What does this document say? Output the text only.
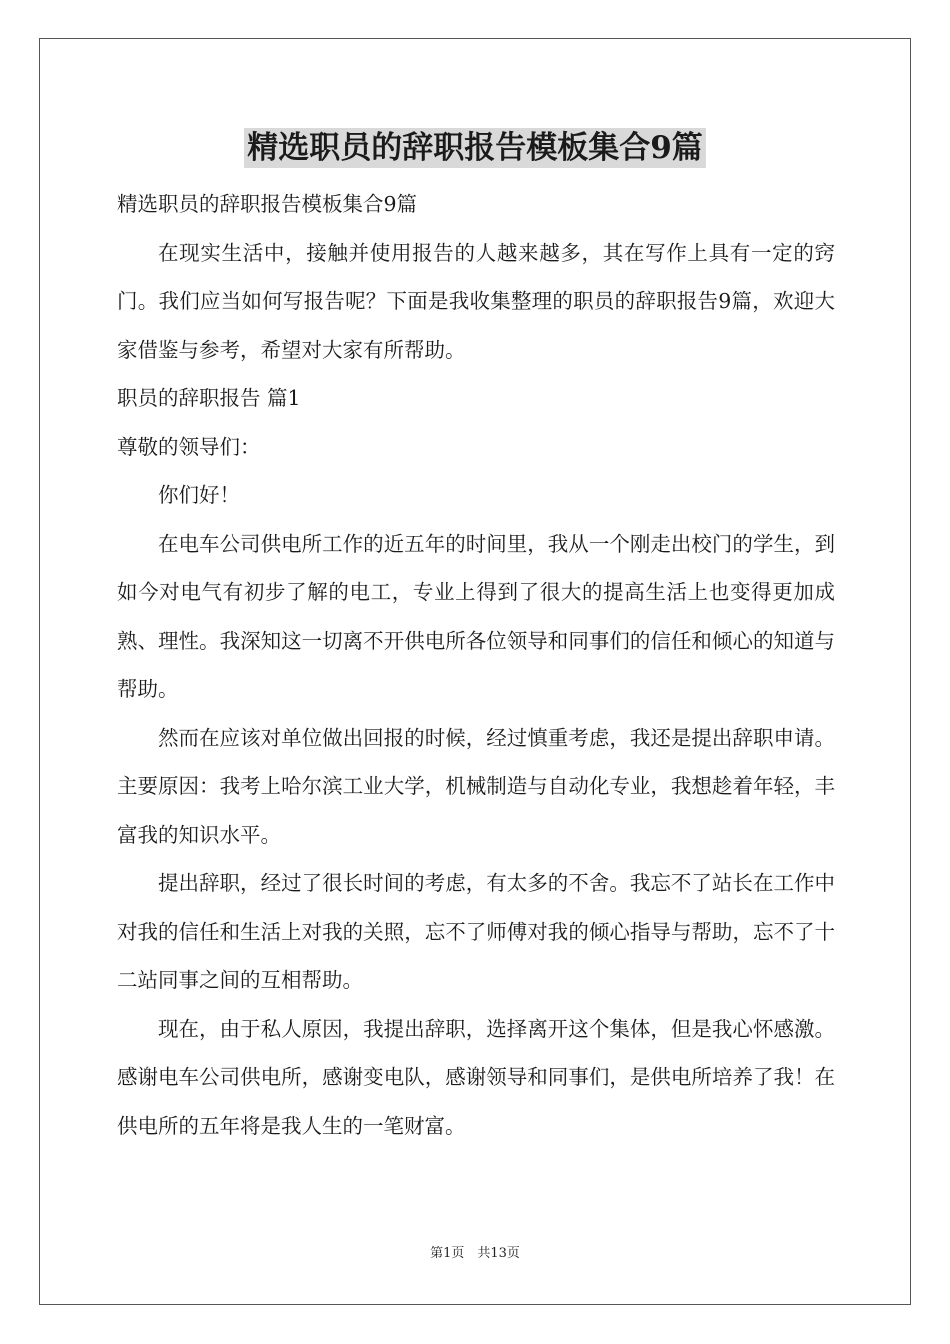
精选职员的辞职报告模板集合9篇

精选职员的辞职报告模板集合9篇

在现实生活中，接触并使用报告的人越来越多，其在写作上具有一定的窍门。我们应当如何写报告呢？下面是我收集整理的职员的辞职报告9篇，欢迎大家借鉴与参考，希望对大家有所帮助。

职员的辞职报告 篇1

尊敬的领导们：

你们好！

在电车公司供电所工作的近五年的时间里，我从一个刚走出校门的学生，到如今对电气有初步了解的电工，专业上得到了很大的提高生活上也变得更加成熟、理性。我深知这一切离不开供电所各位领导和同事们的信任和倾心的知道与帮助。

然而在应该对单位做出回报的时候，经过慎重考虑，我还是提出辞职申请。主要原因：我考上哈尔滨工业大学，机械制造与自动化专业，我想趁着年轻，丰富我的知识水平。

提出辞职，经过了很长时间的考虑，有太多的不舍。我忘不了站长在工作中对我的信任和生活上对我的关照，忘不了师傅对我的倾心指导与帮助，忘不了十二站同事之间的互相帮助。

现在，由于私人原因，我提出辞职，选择离开这个集体，但是我心怀感激。感谢电车公司供电所，感谢变电队，感谢领导和同事们，是供电所培养了我！在供电所的五年将是我人生的一笔财富。

第1页　共13页
